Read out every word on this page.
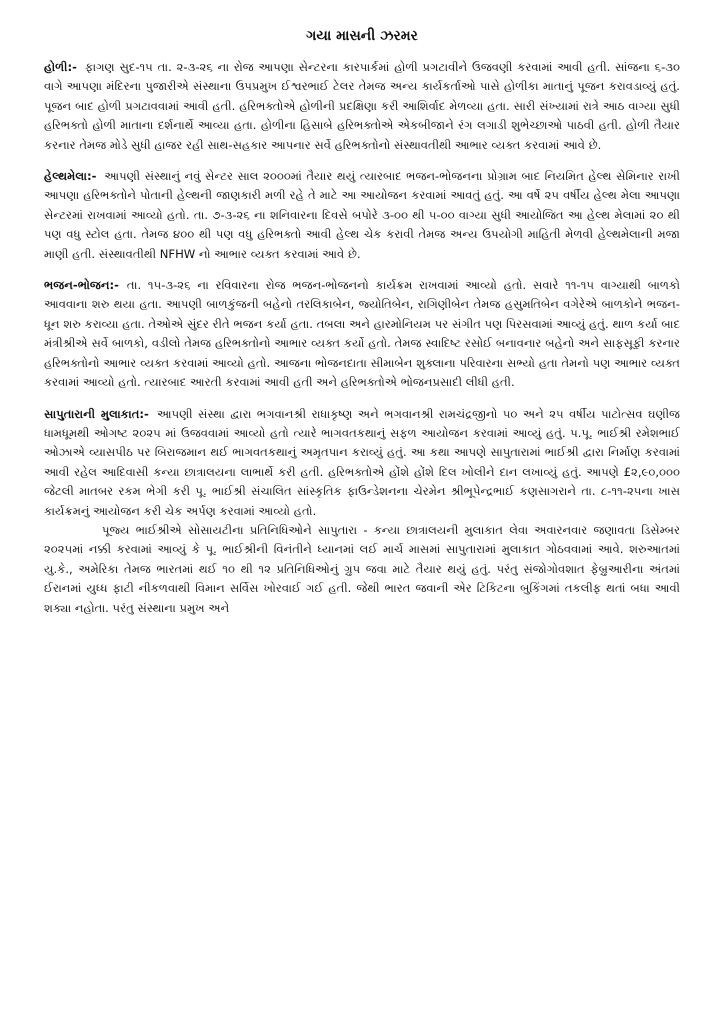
ગયા માસની ઝરમર

હોળી:- ફાગણ સુદ-૧૫ તા. ૨-૩-૨૬ ના રોજ આપણા સેન્ટરના કારપાર્કમાં હોળી પ્રગટાવીને ઉજવણી કરવામાં આવી હતી. સાંજના ૬-૩૦ વાગે આપણા મંદિરના પુજારીએ સંસ્થાના ઉપપ્રમુખ ઈશ્વરભાઈ ટેલર તેમજ અન્ય કાર્યકર્તાઓ પાસે હોળીકા માતાનું પૂજન કરાવડાવ્યું હતું. પૂજન બાદ હોળી પ્રગટાવવામાં આવી હતી. હરિભક્તોએ હોળીની પ્રદક્ષિણા કરી આશિર્વાદ મેળવ્યા હતા. સારી સંખ્યામાં રાત્રે આઠ વાગ્યા સુધી હરિભક્તો હોળી માતાના દર્શનાર્થે આવ્યા હતા. હોળીના હિસાબે હરિભક્તોએ એકબીજાને રંગ લગાડી શુભેચ્છાઓ પાઠવી હતી. હોળી તૈયાર કરનાર તેમજ મોડે સુધી હાજર રહી સાથ-સહકાર આપનાર સર્વે હરિભક્તોનો સંસ્થાવતીથી આભાર વ્યક્ત કરવામાં આવે છે.

હેલ્થમેલા:- આપણી સંસ્થાનું નવું સેન્ટર સાલ ૨૦૦૦માં તૈયાર થયું ત્યારબાદ ભજન-ભોજનના પ્રોગ્રામ બાદ નિયમિત હેલ્થ સેમિનાર રાખી આપણા હરિભક્તોને પોતાની હેલ્થની જાણકારી મળી રહે તે માટે આ આયોજન કરવામાં આવતું હતું. આ વર્ષે ૨૫ વર્ષીય હેલ્થ મેલા આપણા સેન્ટરમાં રાખવામાં આવ્યો હતો. તા. ૭-૩-૨૬ ના શનિવારના દિવસે બપોરે ૩-૦૦ થી ૫-૦૦ વાગ્યા સુધી આયોજિત આ હેલ્થ મેલામાં ૨૦ થી પણ વધુ સ્ટોલ હતા. તેમજ ૪૦૦ થી પણ વધુ હરિભક્તો આવી હેલ્થ ચેક કરાવી તેમજ અન્ય ઉપયોગી માહિતી મેળવી હેલ્થમેલાની મજા માણી હતી. સંસ્થાવતીથી NFHW નો આભાર વ્યક્ત કરવામાં આવે છે.

ભજન-ભોજન:- તા. ૧૫-૩-૨૬ ના રવિવારના રોજ ભજન-ભોજનનો કાર્યક્રમ રાખવામાં આવ્યો હતો. સવારે ૧૧-૧૫ વાગ્યાથી બાળકો આવવાના શરુ થયા હતા. આપણી બાળકુંજની બહેનો તરલિકાબેન, જ્યોતિબેન, રાગિણીબેન તેમજ હસુમતિબેન વગેરેએ બાળકોને ભજન-ધૂન શરુ કરાવ્યા હતા. તેઓએ સુંદર રીતે ભજન કર્યા હતા. તબલા અને હારમોનિયમ પર સંગીત પણ પિરસવામાં આવ્યું હતું. થાળ કર્યા બાદ મંત્રીશ્રીએ સર્વે બાળકો, વડીલો તેમજ હરિભક્તોનો આભાર વ્યક્ત કર્યો હતો. તેમજ સ્વાદિષ્ટ રસોઈ બનાવનાર બહેનો અને સાફસૂફી કરનાર હરિભક્તોનો આભાર વ્યક્ત કરવામાં આવ્યો હતો. આજના ભોજનદાતા સીમાબેન શુક્લાના પરિવારના સભ્યો હતા તેમનો પણ આભાર વ્યક્ત કરવામાં આવ્યો હતો. ત્યારબાદ આરતી કરવામાં આવી હતી અને હરિભક્તોએ ભોજનપ્રસાદી લીધી હતી.

સાપુતારાની મુલાકાત:- આપણી સંસ્થા દ્વારા ભગવાનશ્રી રાધાકૃષ્ણ અને ભગવાનશ્રી રામચંદ્રજીનો ૫૦ અને ૨૫ વર્ષીય પાટોત્સવ ઘણીજ ધામધૂમથી ઓગષ્ટ ૨૦૨૫ માં ઉજવવામાં આવ્યો હતો ત્યારે ભાગવતકથાનું સફળ આયોજન કરવામાં આવ્યું હતું. પ.પૂ. ભાઈશ્રી રમેશભાઈ ઓઝાએ વ્યાસપીઠ પર બિરાજમાન થઈ ભાગવતકથાનું અમૃતપાન કરાવ્યું હતું. આ કથા આપણે સાપુતારામાં ભાઈશ્રી દ્વારા નિર્માણ કરવામાં આવી રહેલ આદિવાસી કન્યા છાત્રાલયના લાભાર્થે કરી હતી. હરિભક્તોએ હોંશે હોંશે દિલ ખોલીને દાન લખાવ્યું હતું. આપણે £૨,૯૦,૦૦૦ જેટલી માતબર રકમ ભેગી કરી પૂ. ભાઈશ્રી સંચાલિત સાંસ્કૃતિક ફાઉન્ડેશનના ચેરમેન શ્રીભૂપેન્દ્રભાઈ કણસાગરાને તા. ૮-૧૧-૨૫ના ખાસ કાર્યક્રમનું આયોજન કરી ચેક અર્પણ કરવામાં આવ્યો હતો.

પૂજ્ય ભાઈશ્રીએ સોસાયટીના પ્રતિનિધિઓને સાપુતારા - કન્યા છાત્રાલયની મુલાકાત લેવા અવારનવાર જણાવતા ડિસેમ્બર ૨૦૨૫માં નક્કી કરવામાં આવ્યું કે પૂ. ભાઈશ્રીની વિનંતીને ધ્યાનમાં લઈ માર્ચ માસમાં સાપુતારામાં મુલાકાત ગોઠવવામાં આવે. શરુઆતમાં યુ.કે., અમેરિકા તેમજ ભારતમાં થઈ ૧૦ થી ૧૨ પ્રતિનિધિઓનું ગ્રુપ જવા માટે તૈયાર થયું હતું. પરંતુ સંજોગોવશાત ફેબ્રુઆરીના અંતમાં ઈરાનમાં યુધ્ધ ફાટી નીકળવાથી વિમાન સર્વિસ ખોરવાઈ ગઈ હતી. જેથી ભારત જવાની એર ટિકિટના બુકિંગમાં તકલીફ થતાં બધા આવી શક્યા નહોતા. પરંતુ સંસ્થાના પ્રમુખ અને
